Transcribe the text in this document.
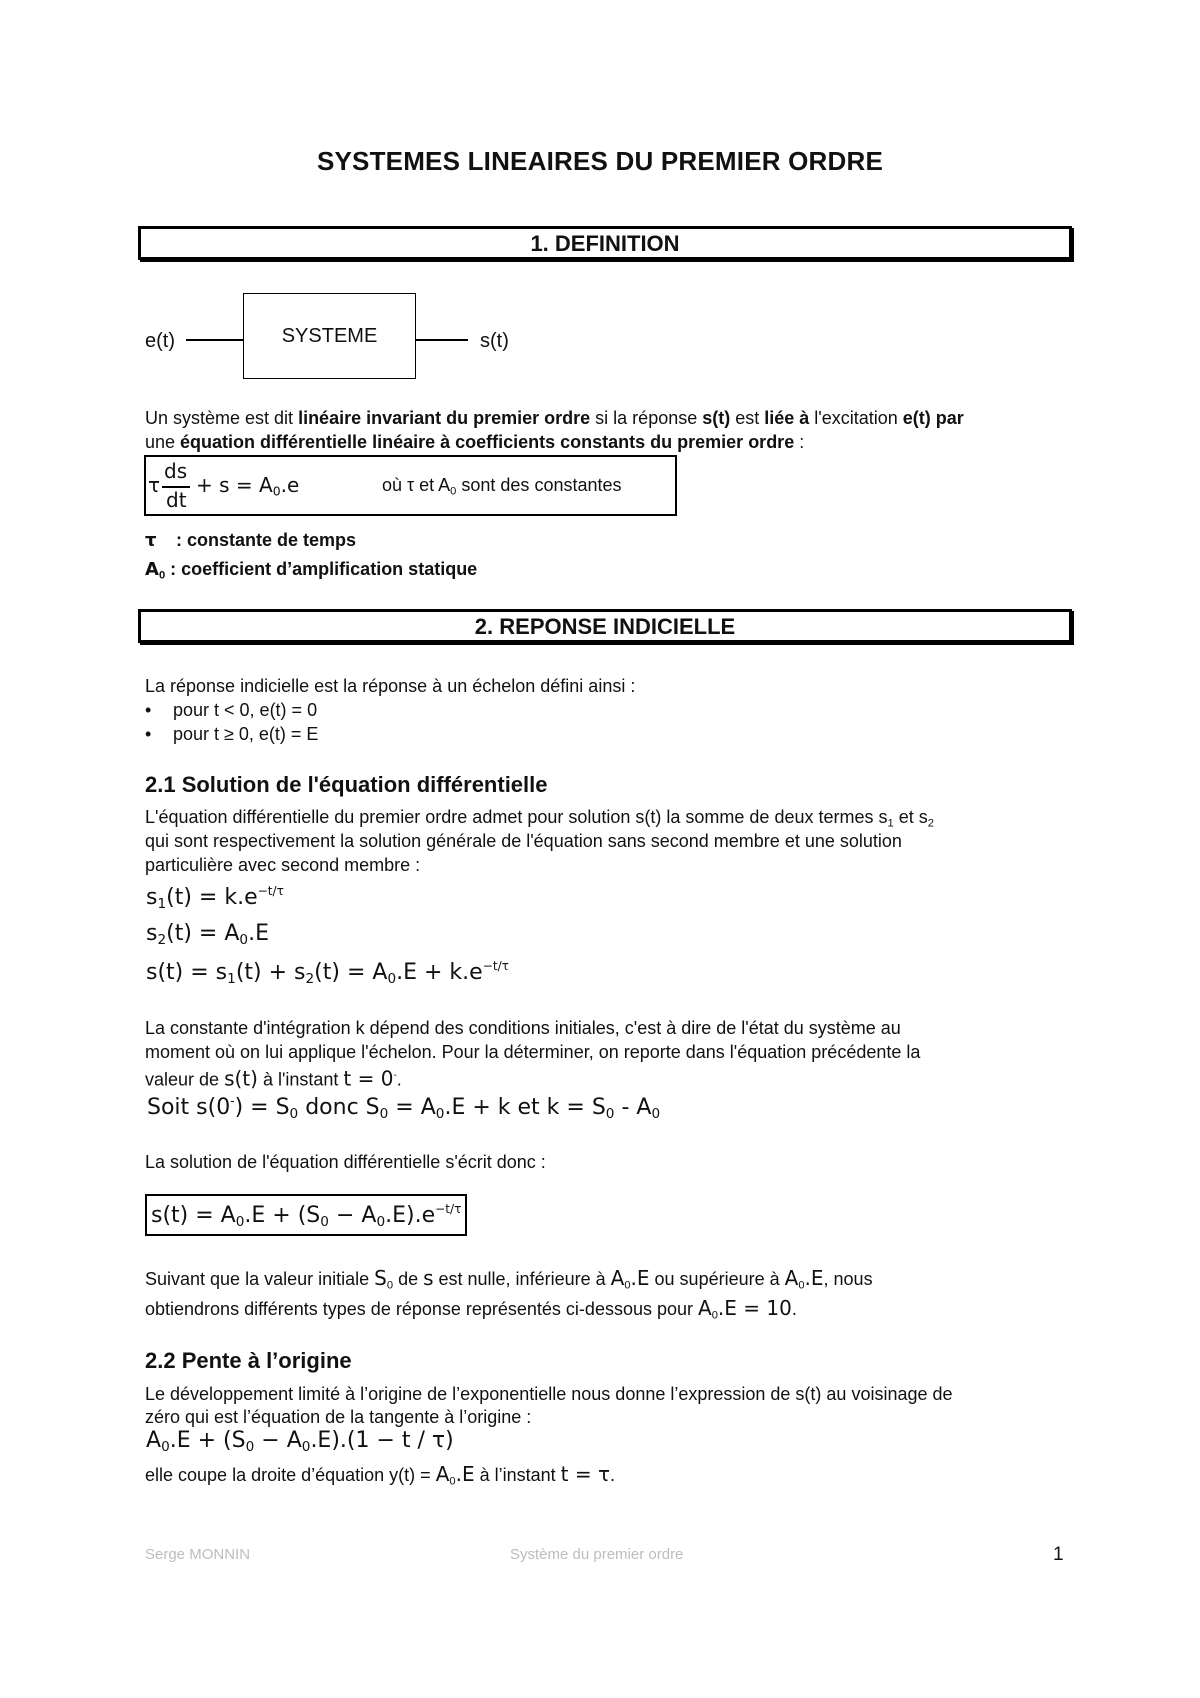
SYSTEMES LINEAIRES DU PREMIER ORDRE
1. DEFINITION
e(t)	SYSTEME	s(t)
Un système est dit linéaire invariant du premier ordre si la réponse s(t) est liée à l'excitation e(t) par
une équation différentielle linéaire à coefficients constants du premier ordre :
τ
ds
dt
+ $s = A_0.e$	où τ et $A_0$ sont des constantes
τ : constante de temps
$A_0$ : coefficient d’amplification statique
2. REPONSE INDICIELLE
La réponse indicielle est la réponse à un échelon défini ainsi :
• pour t < 0, e(t) = 0
• pour t ≥ 0, e(t) = E
2.1 Solution de l'équation différentielle
L'équation différentielle du premier ordre admet pour solution s(t) la somme de deux termes $s_1$ et $s_2$
qui sont respectivement la solution générale de l'équation sans second membre et une solution
particulière avec second membre :
$s_1(t) = k.e^{-t/\tau}$
$s_2(t) = A_0.E$
$s(t) = s_1(t) + s_2(t) = A_0.E + k.e^{-t/\tau}$
La constante d'intégration k dépend des conditions initiales, c'est à dire de l'état du système au
moment où on lui applique l'échelon. Pour la déterminer, on reporte dans l'équation précédente la
valeur de s(t) à l'instant t = 0-.
Soit $s(0^-) = S_0$ donc $S_0 = A_0.E + k$ et $k = S_0 - A_0$
La solution de l'équation différentielle s'écrit donc :
$s(t) = A_0.E + (S_0 - A_0.E).e^{-t/\tau}$
Suivant que la valeur initiale $S_0$ de s est nulle, inférieure à $A_0.E$ ou supérieure à $A_0.E$, nous
obtiendrons différents types de réponse représentés ci-dessous pour $A_0.E = 10$.
2.2 Pente à l’origine
Le développement limité à l’origine de l’exponentielle nous donne l’expression de s(t) au voisinage de
zéro qui est l’équation de la tangente à l’origine :
$A_0.E + (S_0 - A_0.E).(1 - t / \tau)$
elle coupe la droite d’équation $y(t) = A_0.E$ à l’instant t = τ.
Serge MONNIN	Système du premier ordre	1
